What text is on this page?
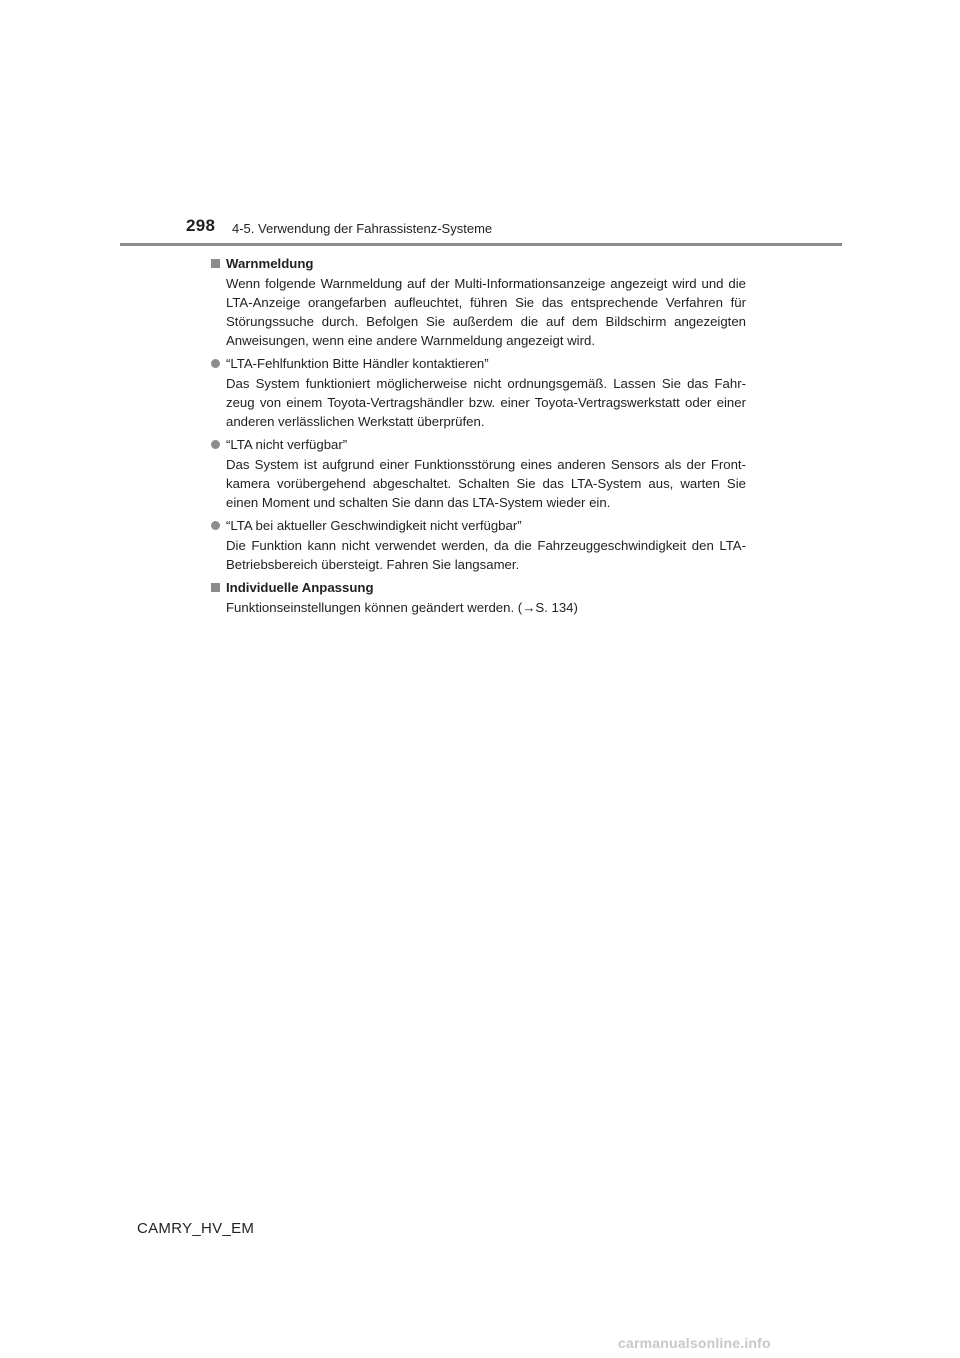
298 4-5. Verwendung der Fahrassistenz-Systeme
Warnmeldung
Wenn folgende Warnmeldung auf der Multi-Informationsanzeige angezeigt wird und die LTA-Anzeige orangefarben aufleuchtet, führen Sie das entsprechende Verfahren für Störungssuche durch. Befolgen Sie außerdem die auf dem Bildschirm angezeigten Anweisungen, wenn eine andere Warnmeldung angezeigt wird.
“LTA-Fehlfunktion Bitte Händler kontaktieren”
Das System funktioniert möglicherweise nicht ordnungsgemäß. Lassen Sie das Fahr-zeug von einem Toyota-Vertragshändler bzw. einer Toyota-Vertragswerkstatt oder einer anderen verlässlichen Werkstatt überprüfen.
“LTA nicht verfügbar”
Das System ist aufgrund einer Funktionsstörung eines anderen Sensors als der Front-kamera vorübergehend abgeschaltet. Schalten Sie das LTA-System aus, warten Sie einen Moment und schalten Sie dann das LTA-System wieder ein.
“LTA bei aktueller Geschwindigkeit nicht verfügbar”
Die Funktion kann nicht verwendet werden, da die Fahrzeuggeschwindigkeit den LTA-Betriebsbereich übersteigt. Fahren Sie langsamer.
Individuelle Anpassung
Funktionseinstellungen können geändert werden. (→S. 134)
CAMRY_HV_EM
carmanualsonline.info
